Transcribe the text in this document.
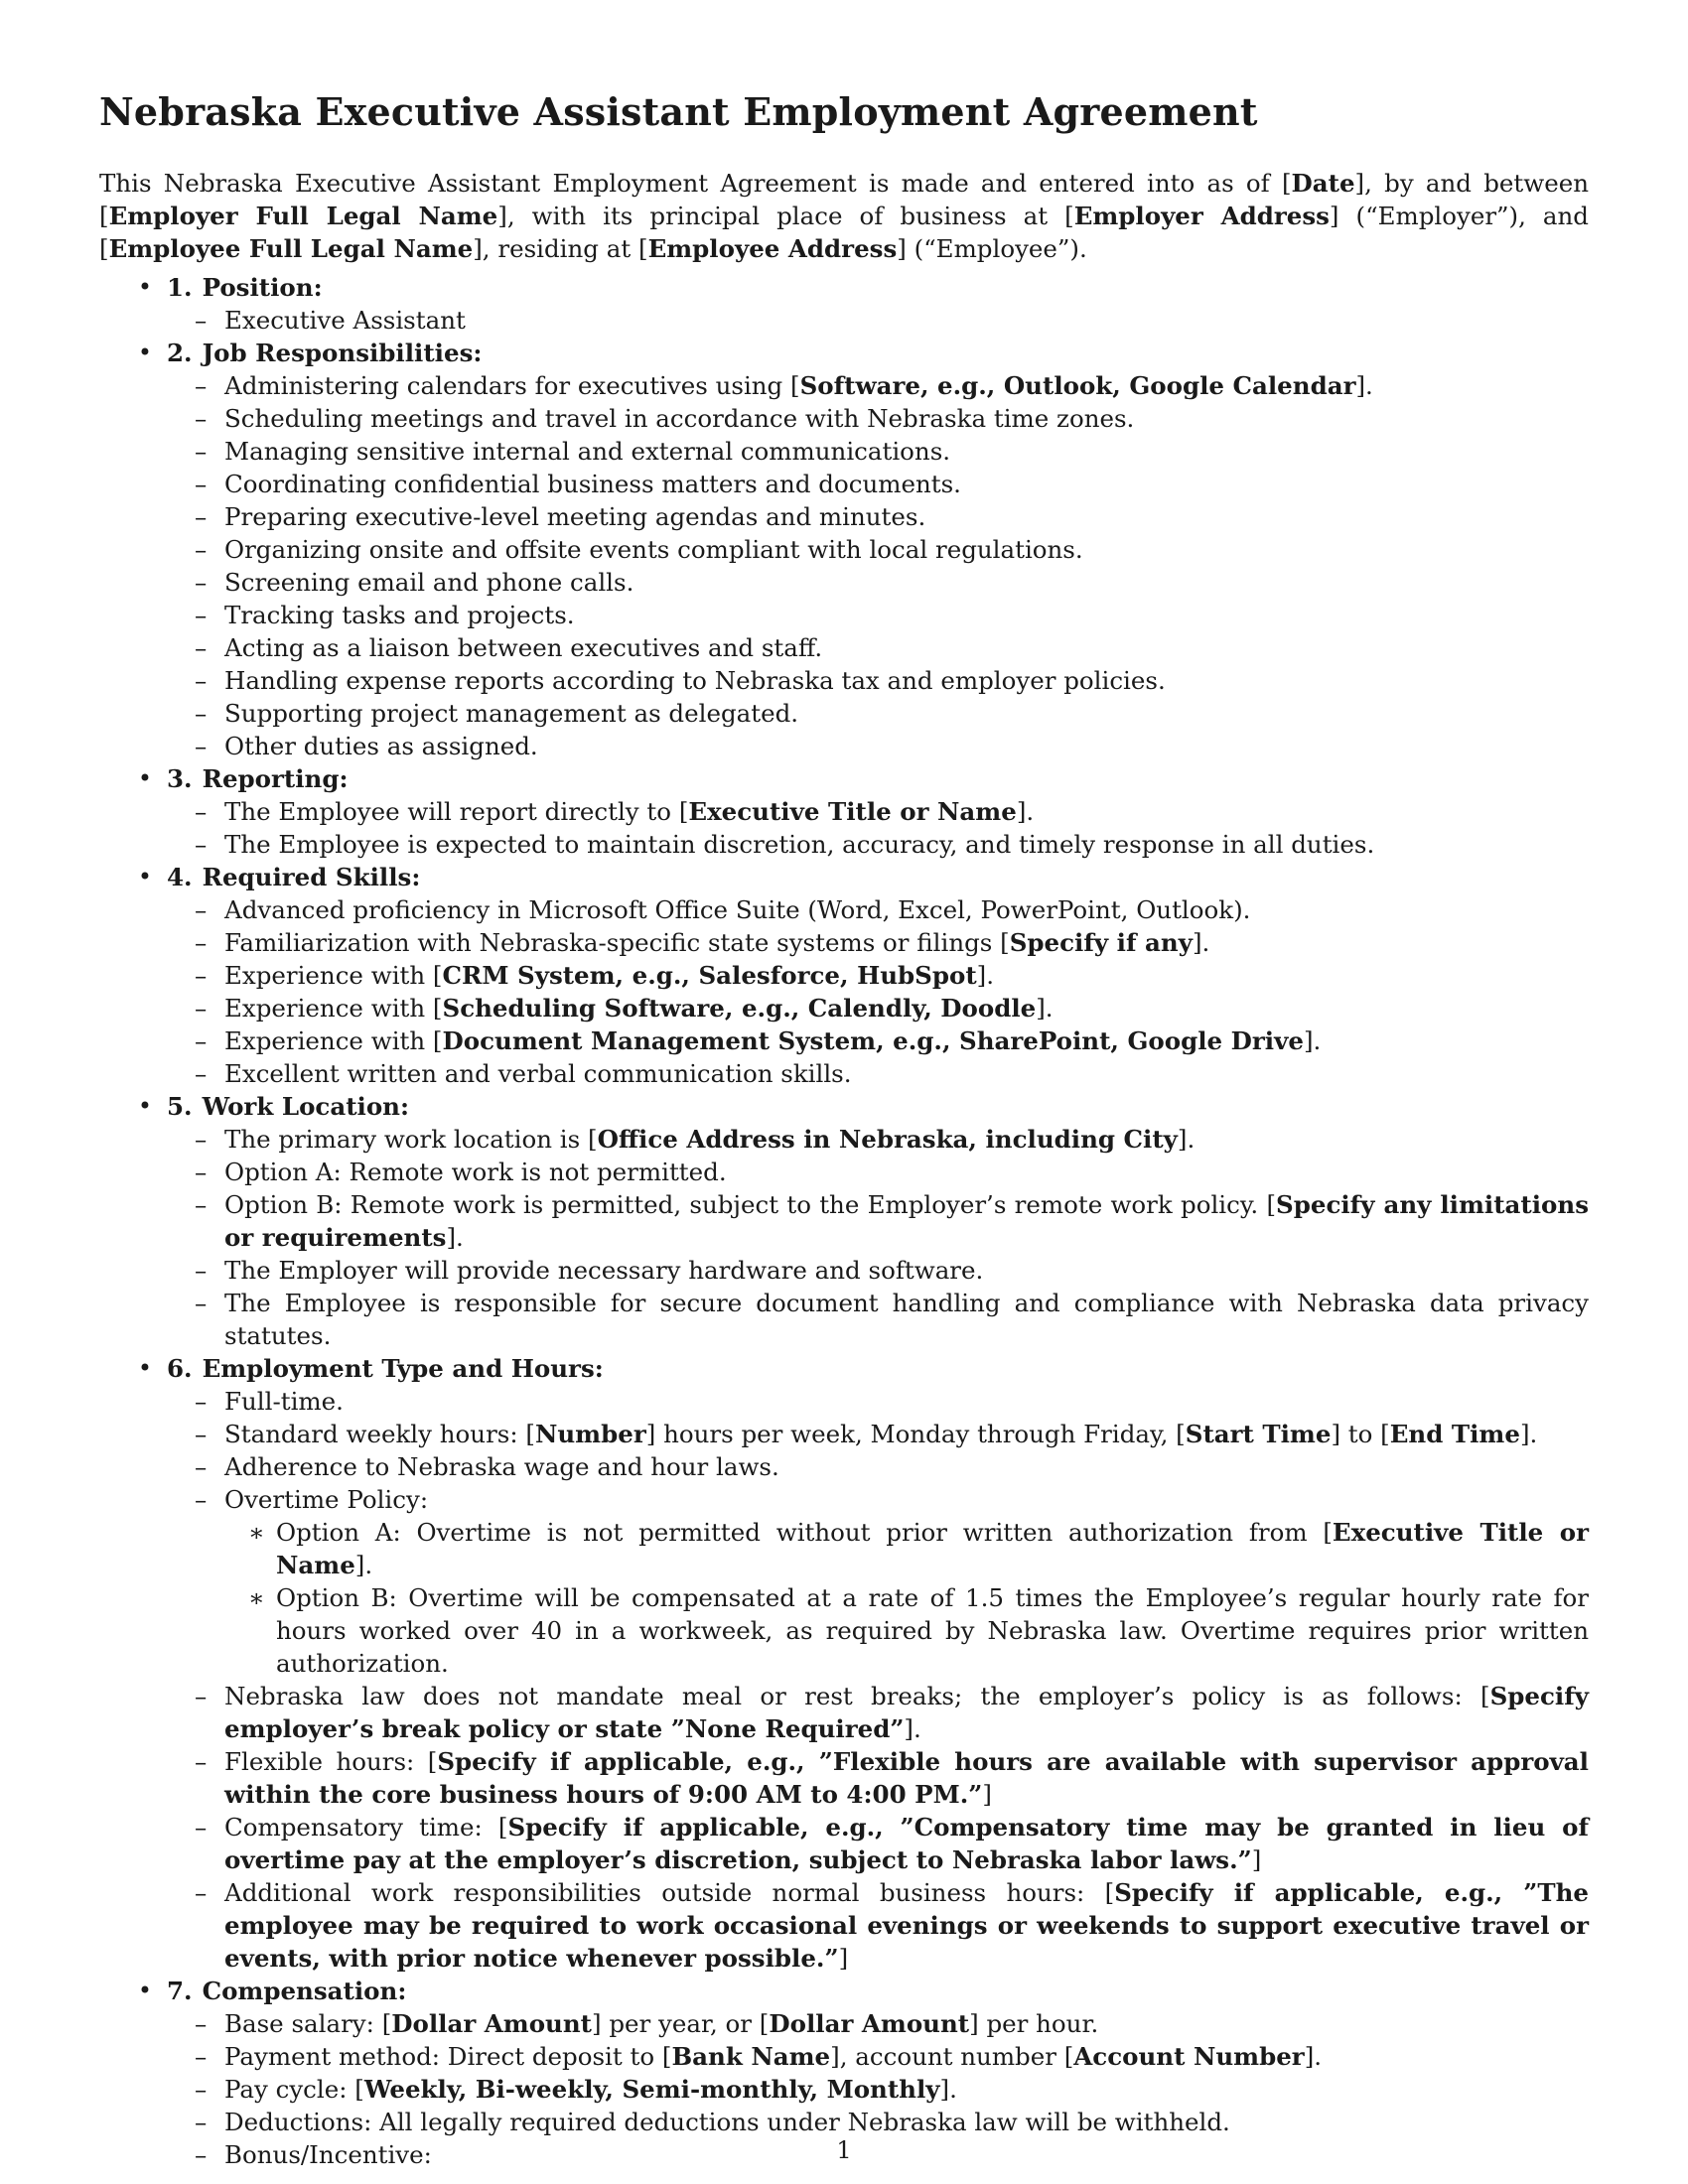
Nebraska Executive Assistant Employment Agreement

This Nebraska Executive Assistant Employment Agreement is made and entered into as of [Date], by and between [Employer Full Legal Name], with its principal place of business at [Employer Address] (“Employer”), and [Employee Full Legal Name], residing at [Employee Address] (“Employee”).

• 1. Position:
– Executive Assistant
• 2. Job Responsibilities:
– Administering calendars for executives using [Software, e.g., Outlook, Google Calendar].
– Scheduling meetings and travel in accordance with Nebraska time zones.
– Managing sensitive internal and external communications.
– Coordinating confidential business matters and documents.
– Preparing executive-level meeting agendas and minutes.
– Organizing onsite and offsite events compliant with local regulations.
– Screening email and phone calls.
– Tracking tasks and projects.
– Acting as a liaison between executives and staff.
– Handling expense reports according to Nebraska tax and employer policies.
– Supporting project management as delegated.
– Other duties as assigned.
• 3. Reporting:
– The Employee will report directly to [Executive Title or Name].
– The Employee is expected to maintain discretion, accuracy, and timely response in all duties.
• 4. Required Skills:
– Advanced proficiency in Microsoft Office Suite (Word, Excel, PowerPoint, Outlook).
– Familiarization with Nebraska-specific state systems or filings [Specify if any].
– Experience with [CRM System, e.g., Salesforce, HubSpot].
– Experience with [Scheduling Software, e.g., Calendly, Doodle].
– Experience with [Document Management System, e.g., SharePoint, Google Drive].
– Excellent written and verbal communication skills.
• 5. Work Location:
– The primary work location is [Office Address in Nebraska, including City].
– Option A: Remote work is not permitted.
– Option B: Remote work is permitted, subject to the Employer’s remote work policy. [Specify any limitations or requirements].
– The Employer will provide necessary hardware and software.
– The Employee is responsible for secure document handling and compliance with Nebraska data privacy statutes.
• 6. Employment Type and Hours:
– Full-time.
– Standard weekly hours: [Number] hours per week, Monday through Friday, [Start Time] to [End Time].
– Adherence to Nebraska wage and hour laws.
– Overtime Policy:
∗ Option A: Overtime is not permitted without prior written authorization from [Executive Title or Name].
∗ Option B: Overtime will be compensated at a rate of 1.5 times the Employee’s regular hourly rate for hours worked over 40 in a workweek, as required by Nebraska law. Overtime requires prior written authorization.
– Nebraska law does not mandate meal or rest breaks; the employer’s policy is as follows: [Specify employer’s break policy or state ”None Required”].
– Flexible hours: [Specify if applicable, e.g., ”Flexible hours are available with supervisor approval within the core business hours of 9:00 AM to 4:00 PM.”]
– Compensatory time: [Specify if applicable, e.g., ”Compensatory time may be granted in lieu of overtime pay at the employer’s discretion, subject to Nebraska labor laws.”]
– Additional work responsibilities outside normal business hours: [Specify if applicable, e.g., ”The employee may be required to work occasional evenings or weekends to support executive travel or events, with prior notice whenever possible.”]
• 7. Compensation:
– Base salary: [Dollar Amount] per year, or [Dollar Amount] per hour.
– Payment method: Direct deposit to [Bank Name], account number [Account Number].
– Pay cycle: [Weekly, Bi-weekly, Semi-monthly, Monthly].
– Deductions: All legally required deductions under Nebraska law will be withheld.
– Bonus/Incentive:	1
